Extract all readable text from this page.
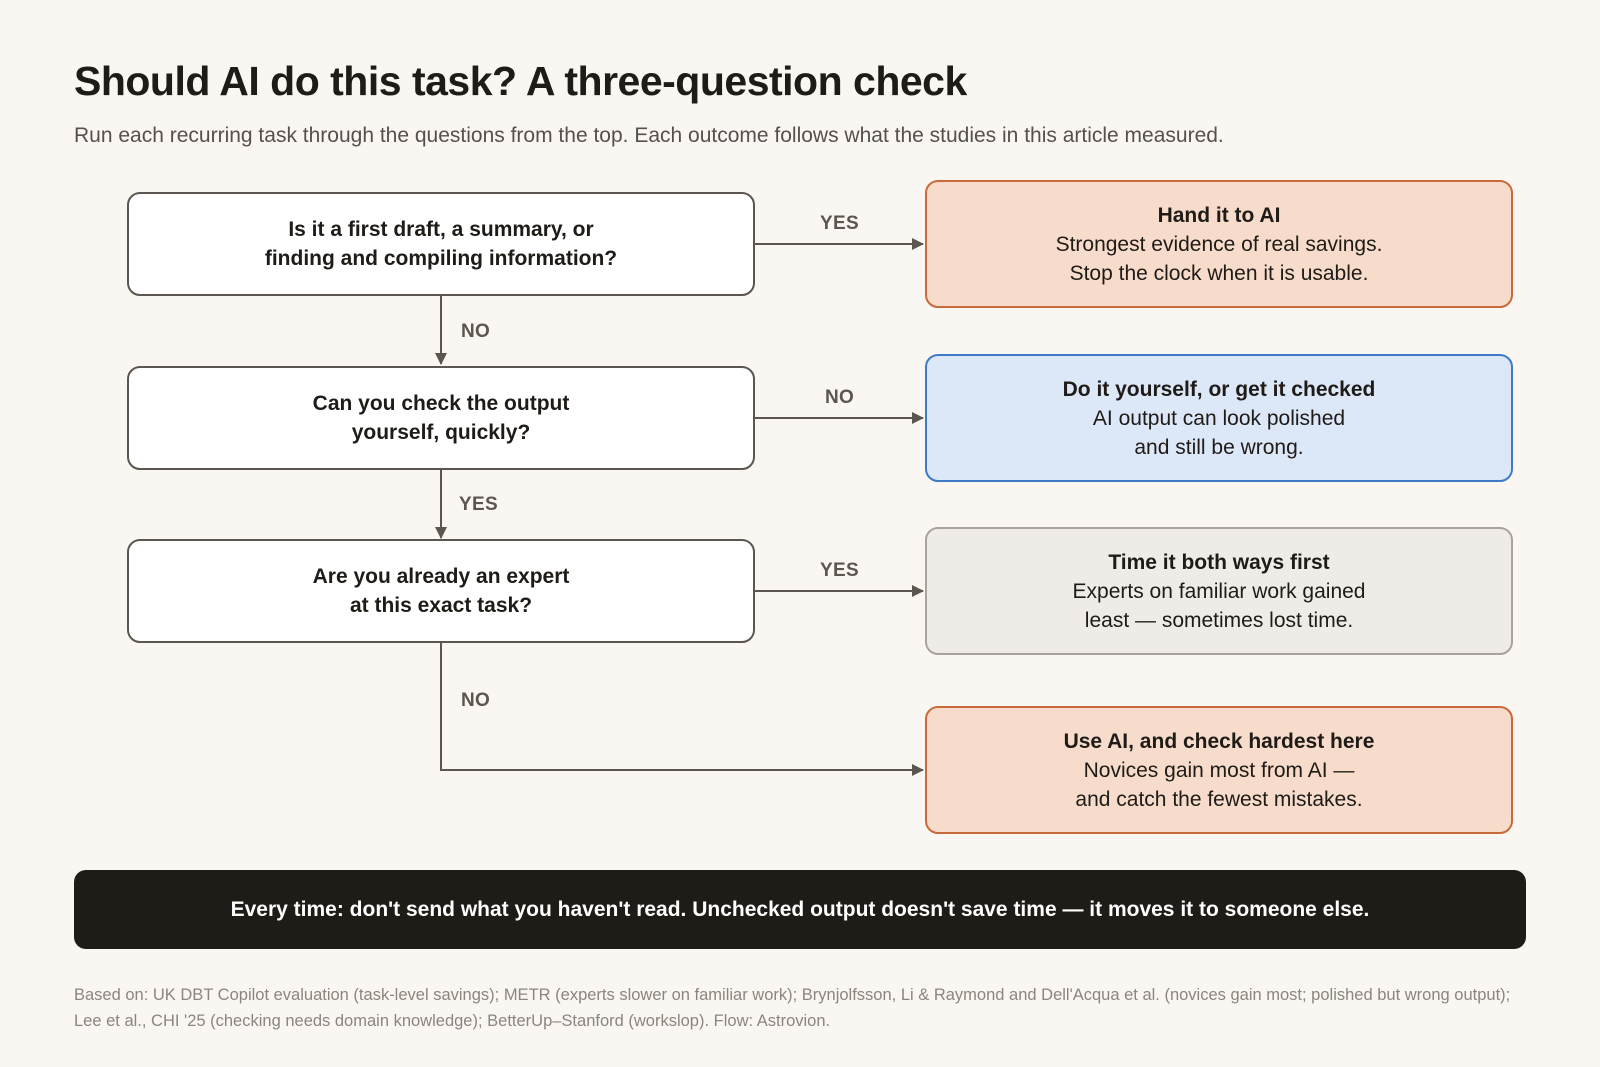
Should AI do this task? A three-question check

Run each recurring task through the questions from the top. Each outcome follows what the studies in this article measured.

YES
NO
NO
YES
YES
NO
Is it a first draft, a summary, or
finding and compiling information?
Can you check the output
yourself, quickly?
Are you already an expert
at this exact task?
Hand it to AI
Strongest evidence of real savings.
Stop the clock when it is usable.
Do it yourself, or get it checked
AI output can look polished
and still be wrong.
Time it both ways first
Experts on familiar work gained
least — sometimes lost time.
Use AI, and check hardest here
Novices gain most from AI —
and catch the fewest mistakes.
Every time: don't send what you haven't read. Unchecked output doesn't save time — it moves it to someone else.

Based on: UK DBT Copilot evaluation (task-level savings); METR (experts slower on familiar work); Brynjolfsson, Li & Raymond and Dell'Acqua et al. (novices gain most; polished but wrong output); Lee et al., CHI '25 (checking needs domain knowledge); BetterUp–Stanford (workslop). Flow: Astrovion.
